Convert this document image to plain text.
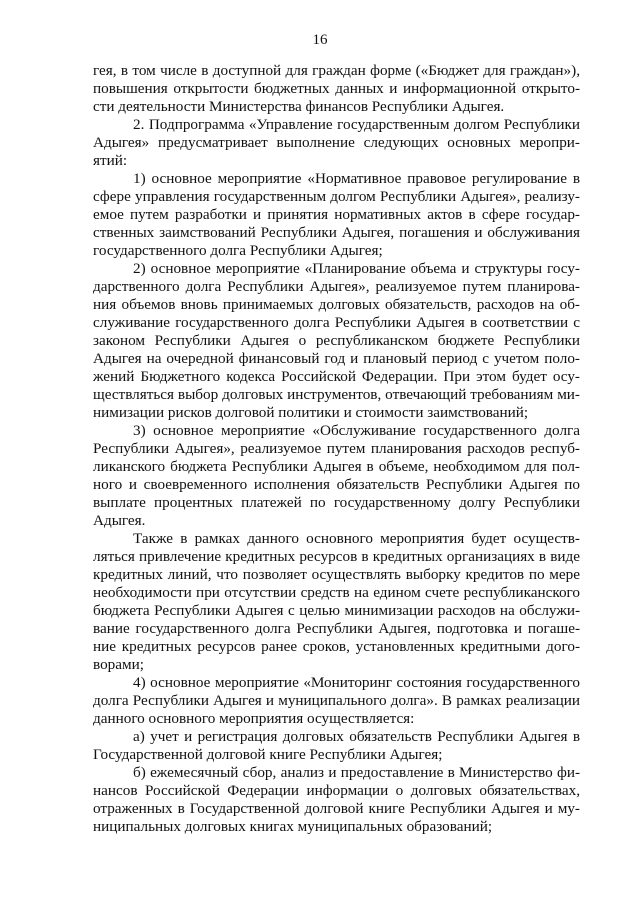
16
гея, в том числе в доступной для граждан форме («Бюджет для граждан»),
повышения открытости бюджетных данных и информационной открыто-
сти деятельности Министерства финансов Республики Адыгея.
2. Подпрограмма «Управление государственным долгом Республики
Адыгея» предусматривает выполнение следующих основных меропри-
ятий:
1) основное мероприятие «Нормативное правовое регулирование в
сфере управления государственным долгом Республики Адыгея», реализу-
емое путем разработки и принятия нормативных актов в сфере государ-
ственных заимствований Республики Адыгея, погашения и обслуживания
государственного долга Республики Адыгея;
2) основное мероприятие «Планирование объема и структуры госу-
дарственного долга Республики Адыгея», реализуемое путем планирова-
ния объемов вновь принимаемых долговых обязательств, расходов на об-
служивание государственного долга Республики Адыгея в соответствии с
законом Республики Адыгея о республиканском бюджете Республики
Адыгея на очередной финансовый год и плановый период с учетом поло-
жений Бюджетного кодекса Российской Федерации. При этом будет осу-
ществляться выбор долговых инструментов, отвечающий требованиям ми-
нимизации рисков долговой политики и стоимости заимствований;
3) основное мероприятие «Обслуживание государственного долга
Республики Адыгея», реализуемое путем планирования расходов респуб-
ликанского бюджета Республики Адыгея в объеме, необходимом для пол-
ного и своевременного исполнения обязательств Республики Адыгея по
выплате процентных платежей по государственному долгу Республики
Адыгея.
Также в рамках данного основного мероприятия будет осуществ-
ляться привлечение кредитных ресурсов в кредитных организациях в виде
кредитных линий, что позволяет осуществлять выборку кредитов по мере
необходимости при отсутствии средств на едином счете республиканского
бюджета Республики Адыгея с целью минимизации расходов на обслужи-
вание государственного долга Республики Адыгея, подготовка и погаше-
ние кредитных ресурсов ранее сроков, установленных кредитными дого-
ворами;
4) основное мероприятие «Мониторинг состояния государственного
долга Республики Адыгея и муниципального долга». В рамках реализации
данного основного мероприятия осуществляется:
а) учет и регистрация долговых обязательств Республики Адыгея в
Государственной долговой книге Республики Адыгея;
б) ежемесячный сбор, анализ и предоставление в Министерство фи-
нансов Российской Федерации информации о долговых обязательствах,
отраженных в Государственной долговой книге Республики Адыгея и му-
ниципальных долговых книгах муниципальных образований;
